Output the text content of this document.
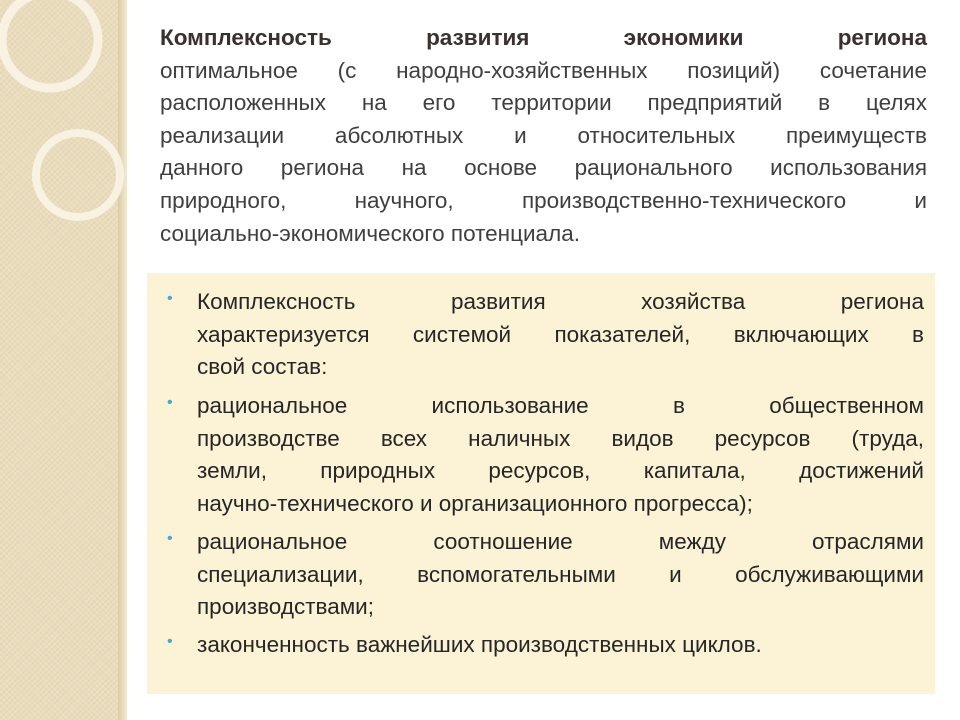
Комплексность развития экономики региона
оптимальное (с народно-хозяйственных позиций) сочетание
расположенных на его территории предприятий в целях
реализации абсолютных и относительных преимуществ
данного региона на основе рационального использования
природного, научного, производственно-технического и
социально-экономического потенциала.
• Комплексность развития хозяйства региона
характеризуется системой показателей, включающих в
свой состав:
• рациональное использование в общественном
производстве всех наличных видов ресурсов (труда,
земли, природных ресурсов, капитала, достижений
научно-технического и организационного прогресса);
• рациональное соотношение между отраслями
специализации, вспомогательными и обслуживающими
производствами;
• законченность важнейших производственных циклов.
